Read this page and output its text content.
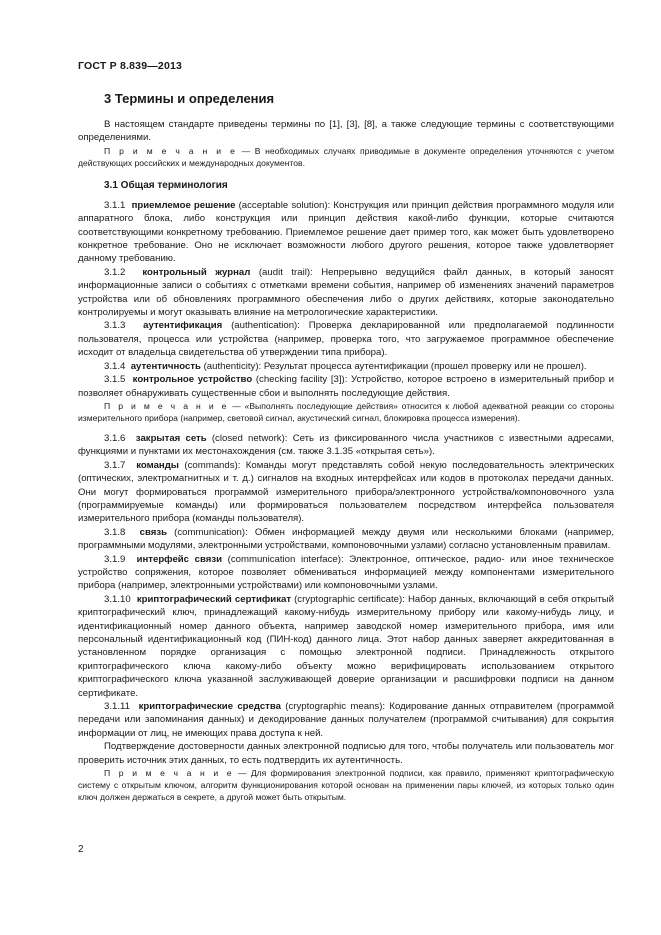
ГОСТ Р 8.839—2013
3 Термины и определения

В настоящем стандарте приведены термины по [1], [3], [8], а также следующие термины с соответствующими определениями.

П р и м е ч а н и е — В необходимых случаях приводимые в документе определения уточняются с учетом действующих российских и международных документов.

3.1 Общая терминология

3.1.1 приемлемое решение (acceptable solution): Конструкция или принцип действия программного модуля или аппаратного блока, либо конструкция или принцип действия какой-либо функции, которые считаются соответствующими конкретному требованию. Приемлемое решение дает пример того, как может быть удовлетворено конкретное требование. Оно не исключает возможности любого другого решения, которое также удовлетворяет данному требованию.

3.1.2 контрольный журнал (audit trail): Непрерывно ведущийся файл данных, в который заносят информационные записи о событиях с отметками времени события, например об изменениях значений параметров устройства или об обновлениях программного обеспечения либо о других действиях, которые законодательно контролируемы и могут оказывать влияние на метрологические характеристики.

3.1.3 аутентификация (authentication): Проверка декларированной или предполагаемой подлинности пользователя, процесса или устройства (например, проверка того, что загружаемое программное обеспечение исходит от владельца свидетельства об утверждении типа прибора).

3.1.4 аутентичность (authenticity): Результат процесса аутентификации (прошел проверку или не прошел).

3.1.5 контрольное устройство (checking facility [3]): Устройство, которое встроено в измерительный прибор и позволяет обнаруживать существенные сбои и выполнять последующие действия.

П р и м е ч а н и е — «Выполнять последующие действия» относится к любой адекватной реакции со стороны измерительного прибора (например, световой сигнал, акустический сигнал, блокировка процесса измерения).

3.1.6 закрытая сеть (closed network): Сеть из фиксированного числа участников с известными адресами, функциями и пунктами их местонахождения (см. также 3.1.35 «открытая сеть»).

3.1.7 команды (commands): Команды могут представлять собой некую последовательность электрических (оптических, электромагнитных и т. д.) сигналов на входных интерфейсах или кодов в протоколах передачи данных. Они могут формироваться программой измерительного прибора/электронного устройства/компоновочного узла (программируемые команды) или формироваться пользователем посредством интерфейса пользователя измерительного прибора (команды пользователя).

3.1.8 связь (communication): Обмен информацией между двумя или несколькими блоками (например, программными модулями, электронными устройствами, компоновочными узлами) согласно установленным правилам.

3.1.9 интерфейс связи (communication interface): Электронное, оптическое, радио- или иное техническое устройство сопряжения, которое позволяет обмениваться информацией между компонентами измерительного прибора (например, электронными устройствами) или компоновочными узлами.

3.1.10 криптографический сертификат (cryptographic certificate): Набор данных, включающий в себя открытый криптографический ключ, принадлежащий какому-нибудь измерительному прибору или какому-нибудь лицу, и идентификационный номер данного объекта, например заводской номер измерительного прибора, имя или персональный идентификационный код (ПИН-код) данного лица. Этот набор данных заверяет аккредитованная в установленном порядке организация с помощью электронной подписи. Принадлежность открытого криптографического ключа какому-либо объекту можно верифицировать использованием открытого криптографического ключа указанной заслуживающей доверие организации и расшифровки подписи на данном сертификате.

3.1.11 криптографические средства (cryptographic means): Кодирование данных отправителем (программой передачи или запоминания данных) и декодирование данных получателем (программой считывания) для сокрытия информации от лиц, не имеющих права доступа к ней.

Подтверждение достоверности данных электронной подписью для того, чтобы получатель или пользователь мог проверить источник этих данных, то есть подтвердить их аутентичность.

П р и м е ч а н и е — Для формирования электронной подписи, как правило, применяют криптографическую систему с открытым ключом, алгоритм функционирования которой основан на применении пары ключей, из которых только один ключ должен держаться в секрете, а другой может быть открытым.

2
